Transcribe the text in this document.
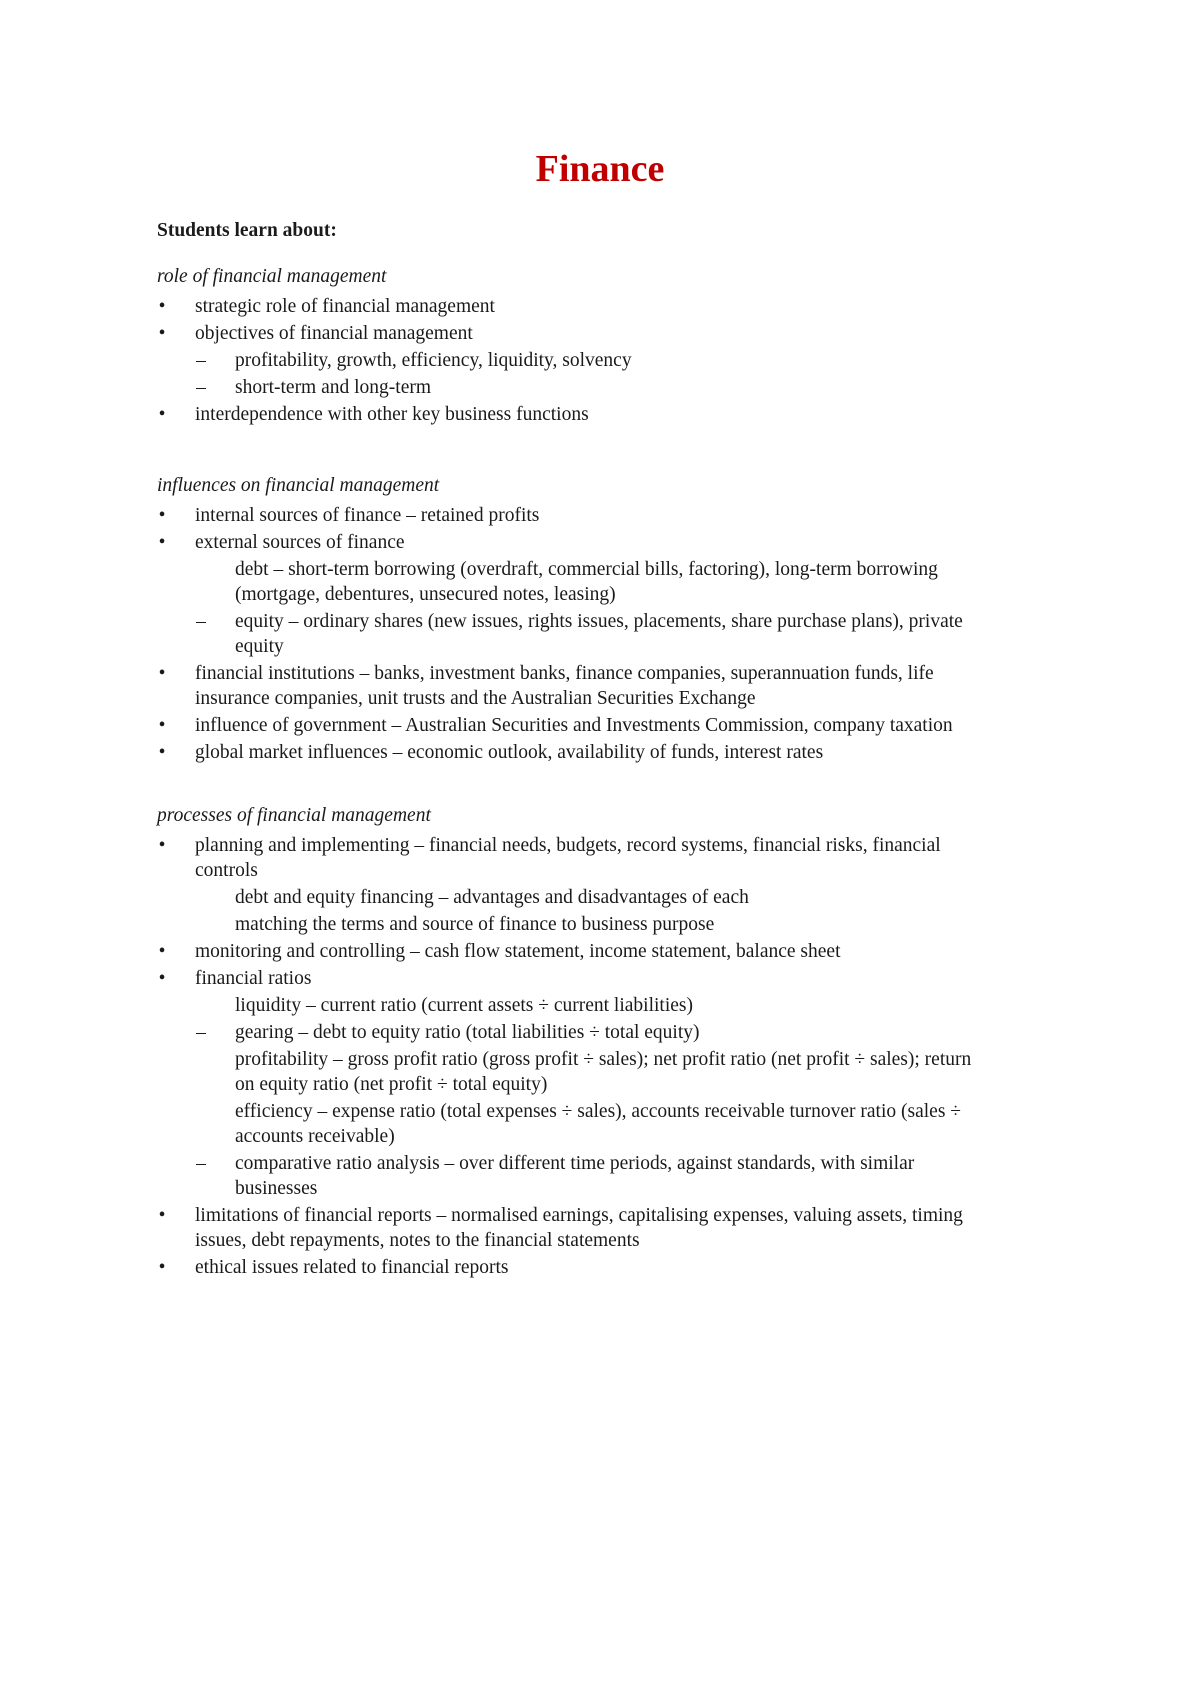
Finance
Students learn about:
role of financial management
• strategic role of financial management
• objectives of financial management
– profitability, growth, efficiency, liquidity, solvency
– short-term and long-term
• interdependence with other key business functions
influences on financial management
• internal sources of finance – retained profits
• external sources of finance
debt – short-term borrowing (overdraft, commercial bills, factoring), long-term borrowing (mortgage, debentures, unsecured notes, leasing)
– equity – ordinary shares (new issues, rights issues, placements, share purchase plans), private equity
• financial institutions – banks, investment banks, finance companies, superannuation funds, life insurance companies, unit trusts and the Australian Securities Exchange
• influence of government – Australian Securities and Investments Commission, company taxation
• global market influences – economic outlook, availability of funds, interest rates
processes of financial management
• planning and implementing – financial needs, budgets, record systems, financial risks, financial controls
debt and equity financing – advantages and disadvantages of each
matching the terms and source of finance to business purpose
• monitoring and controlling – cash flow statement, income statement, balance sheet
• financial ratios
liquidity – current ratio (current assets ÷ current liabilities)
– gearing – debt to equity ratio (total liabilities ÷ total equity)
profitability – gross profit ratio (gross profit ÷ sales); net profit ratio (net profit ÷ sales); return on equity ratio (net profit ÷ total equity)
efficiency – expense ratio (total expenses ÷ sales), accounts receivable turnover ratio (sales ÷ accounts receivable)
– comparative ratio analysis – over different time periods, against standards, with similar businesses
• limitations of financial reports – normalised earnings, capitalising expenses, valuing assets, timing issues, debt repayments, notes to the financial statements
• ethical issues related to financial reports
